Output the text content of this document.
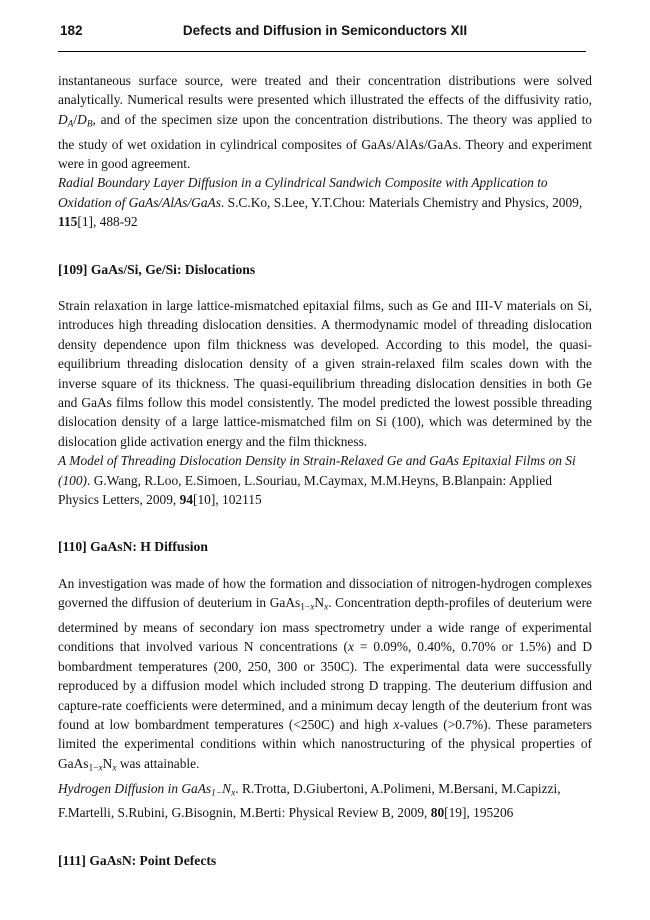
182	Defects and Diffusion in Semiconductors XII

instantaneous surface source, were treated and their concentration distributions were solved analytically. Numerical results were presented which illustrated the effects of the diffusivity ratio, DA/DB, and of the specimen size upon the concentration distributions. The theory was applied to the study of wet oxidation in cylindrical composites of GaAs/AlAs/GaAs. Theory and experiment were in good agreement.

Radial Boundary Layer Diffusion in a Cylindrical Sandwich Composite with Application to Oxidation of GaAs/AlAs/GaAs. S.C.Ko, S.Lee, Y.T.Chou: Materials Chemistry and Physics, 2009, 115[1], 488-92

[109] GaAs/Si, Ge/Si: Dislocations

Strain relaxation in large lattice-mismatched epitaxial films, such as Ge and III-V materials on Si, introduces high threading dislocation densities. A thermodynamic model of threading dislocation density dependence upon film thickness was developed. According to this model, the quasi-equilibrium threading dislocation density of a given strain-relaxed film scales down with the inverse square of its thickness. The quasi-equilibrium threading dislocation densities in both Ge and GaAs films follow this model consistently. The model predicted the lowest possible threading dislocation density of a large lattice-mismatched film on Si (100), which was determined by the dislocation glide activation energy and the film thickness.

A Model of Threading Dislocation Density in Strain-Relaxed Ge and GaAs Epitaxial Films on Si (100). G.Wang, R.Loo, E.Simoen, L.Souriau, M.Caymax, M.M.Heyns, B.Blanpain: Applied Physics Letters, 2009, 94[10], 102115

[110] GaAsN: H Diffusion

An investigation was made of how the formation and dissociation of nitrogen-hydrogen complexes governed the diffusion of deuterium in GaAs1−xNx. Concentration depth-profiles of deuterium were determined by means of secondary ion mass spectrometry under a wide range of experimental conditions that involved various N concentrations (x = 0.09%, 0.40%, 0.70% or 1.5%) and D bombardment temperatures (200, 250, 300 or 350C). The experimental data were successfully reproduced by a diffusion model which included strong D trapping. The deuterium diffusion and capture-rate coefficients were determined, and a minimum decay length of the deuterium front was found at low bombardment temperatures (<250C) and high x-values (>0.7%). These parameters limited the experimental conditions within which nanostructuring of the physical properties of GaAs1−xNx was attainable.

Hydrogen Diffusion in GaAs1−Nx. R.Trotta, D.Giubertoni, A.Polimeni, M.Bersani, M.Capizzi, F.Martelli, S.Rubini, G.Bisognin, M.Berti: Physical Review B, 2009, 80[19], 195206

[111] GaAsN: Point Defects
